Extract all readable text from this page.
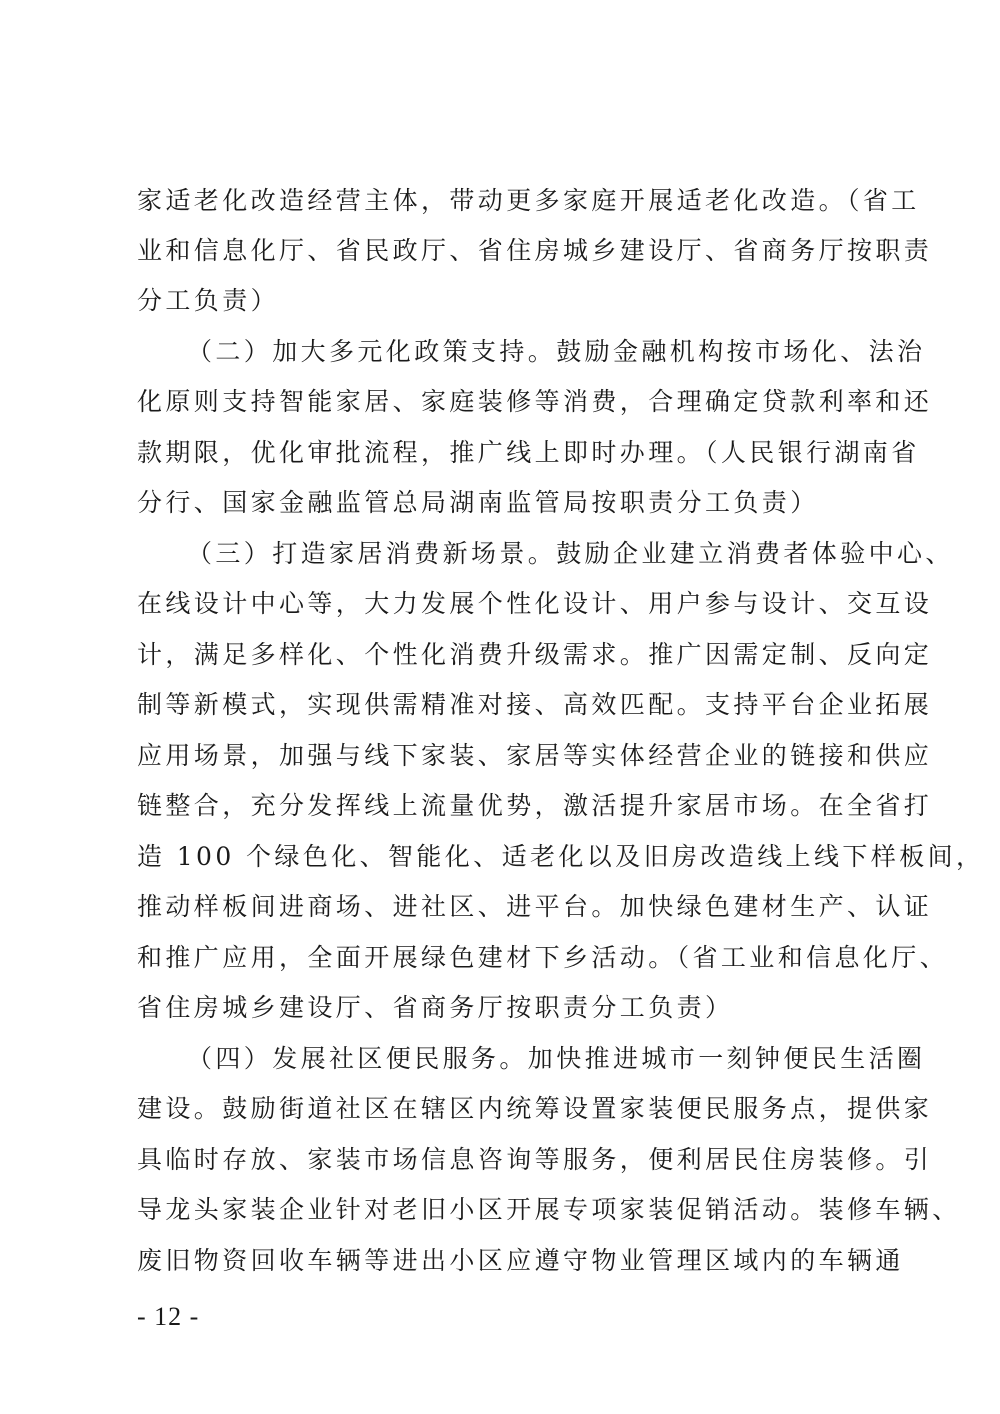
家适老化改造经营主体，带动更多家庭开展适老化改造。（省工
业和信息化厅、省民政厅、省住房城乡建设厅、省商务厅按职责
分工负责）
（二）加大多元化政策支持。鼓励金融机构按市场化、法治
化原则支持智能家居、家庭装修等消费，合理确定贷款利率和还
款期限，优化审批流程，推广线上即时办理。（人民银行湖南省
分行、国家金融监管总局湖南监管局按职责分工负责）
（三）打造家居消费新场景。鼓励企业建立消费者体验中心、
在线设计中心等，大力发展个性化设计、用户参与设计、交互设
计，满足多样化、个性化消费升级需求。推广因需定制、反向定
制等新模式，实现供需精准对接、高效匹配。支持平台企业拓展
应用场景，加强与线下家装、家居等实体经营企业的链接和供应
链整合，充分发挥线上流量优势，激活提升家居市场。在全省打
造 100 个绿色化、智能化、适老化以及旧房改造线上线下样板间，
推动样板间进商场、进社区、进平台。加快绿色建材生产、认证
和推广应用，全面开展绿色建材下乡活动。（省工业和信息化厅、
省住房城乡建设厅、省商务厅按职责分工负责）
（四）发展社区便民服务。加快推进城市一刻钟便民生活圈
建设。鼓励街道社区在辖区内统筹设置家装便民服务点，提供家
具临时存放、家装市场信息咨询等服务，便利居民住房装修。引
导龙头家装企业针对老旧小区开展专项家装促销活动。装修车辆、
废旧物资回收车辆等进出小区应遵守物业管理区域内的车辆通
- 12 -
